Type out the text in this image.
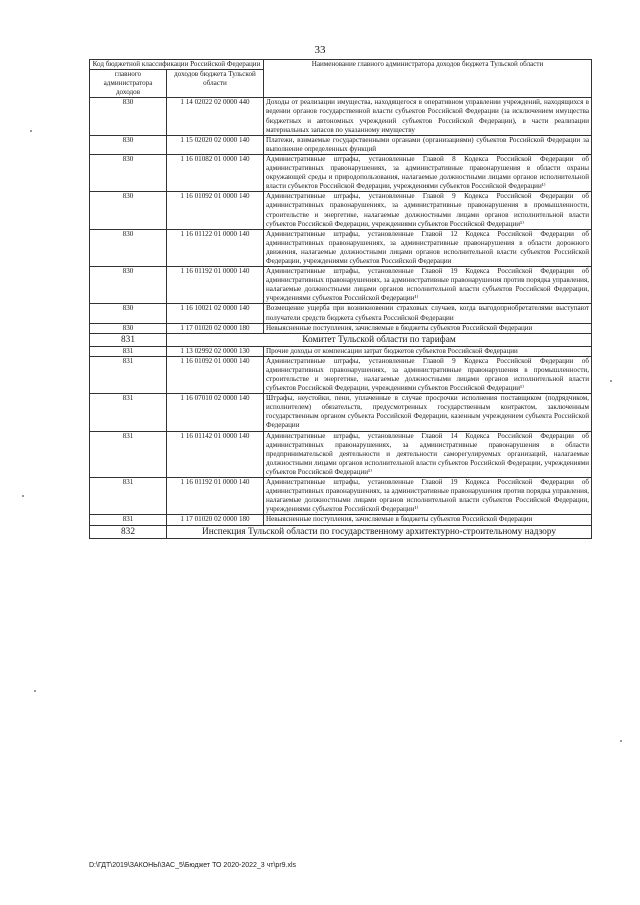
33
Код бюджетной классификации Российской Федерации		Наименование главного администратора доходов бюджета Тульской области
главного администратора доходов	доходов бюджета Тульской области	
830	1 14 02022 02 0000 440	Доходы от реализации имущества, находящегося в оперативном управлении учреждений, находящихся в ведении органов государственной власти субъектов Российской Федерации (за исключением имущества бюджетных и автономных учреждений субъектов Российской Федерации), в части реализации материальных запасов по указанному имуществу
830	1 15 02020 02 0000 140	Платежи, взимаемые государственными органами (организациями) субъектов Российской Федерации за выполнение определенных функций
830	1 16 01082 01 0000 140	Административные штрафы, установленные Главой 8 Кодекса Российской Федерации об административных правонарушениях, за административные правонарушения в области охраны окружающей среды и природопользования, налагаемые должностными лицами органов исполнительной власти субъектов Российской Федерации, учреждениями субъектов Российской Федерации¹⁾
830	1 16 01092 01 0000 140	Административные штрафы, установленные Главой 9 Кодекса Российской Федерации об административных правонарушениях, за административные правонарушения в промышленности, строительстве и энергетике, налагаемые должностными лицами органов исполнительной власти субъектов Российской Федерации, учреждениями субъектов Российской Федерации¹⁾
830	1 16 01122 01 0000 140	Административные штрафы, установленные Главой 12 Кодекса Российской Федерации об административных правонарушениях, за административные правонарушения в области дорожного движения, налагаемые должностными лицами органов исполнительной власти субъектов Российской Федерации, учреждениями субъектов Российской Федерации
830	1 16 01192 01 0000 140	Административные штрафы, установленные Главой 19 Кодекса Российской Федерации об административных правонарушениях, за административные правонарушения против порядка управления, налагаемые должностными лицами органов исполнительной власти субъектов Российской Федерации, учреждениями субъектов Российской Федерации¹⁾
830	1 16 10021 02 0000 140	Возмещение ущерба при возникновении страховых случаев, когда выгодоприобретателями выступают получатели средств бюджета субъекта Российской Федерации
830	1 17 01020 02 0000 180	Невыясненные поступления, зачисляемые в бюджеты субъектов Российской Федерации
831	Комитет Тульской области по тарифам	
831	1 13 02992 02 0000 130	Прочие доходы от компенсации затрат бюджетов субъектов Российской Федерации
831	1 16 01092 01 0000 140	Административные штрафы, установленные Главой 9 Кодекса Российской Федерации об административных правонарушениях, за административные правонарушения в промышленности, строительстве и энергетике, налагаемые должностными лицами органов исполнительной власти субъектов Российской Федерации, учреждениями субъектов Российской Федерации¹⁾
831	1 16 07010 02 0000 140	Штрафы, неустойки, пени, уплаченные в случае просрочки исполнения поставщиком (подрядчиком, исполнителем) обязательств, предусмотренных государственным контрактом, заключенным государственным органом субъекта Российской Федерации, казенным учреждением субъекта Российской Федерации
831	1 16 01142 01 0000 140	Административные штрафы, установленные Главой 14 Кодекса Российской Федерации об административных правонарушениях, за административные правонарушения в области предпринимательской деятельности и деятельности саморегулируемых организаций, налагаемые должностными лицами органов исполнительной власти субъектов Российской Федерации, учреждениями субъектов Российской Федерации¹⁾
831	1 16 01192 01 0000 140	Административные штрафы, установленные Главой 19 Кодекса Российской Федерации об административных правонарушениях, за административные правонарушения против порядка управления, налагаемые должностными лицами органов исполнительной власти субъектов Российской Федерации, учреждениями субъектов Российской Федерации¹⁾
831	1 17 01020 02 0000 180	Невыясненные поступления, зачисляемые в бюджеты субъектов Российской Федерации
832	Инспекция Тульской области по государственному архитектурно-строительному надзору	
D:\ГДТ\2019\ЗАКОНЫ\ЗАС_5\Бюджет ТО 2020-2022_3 чт\pr9.xls
